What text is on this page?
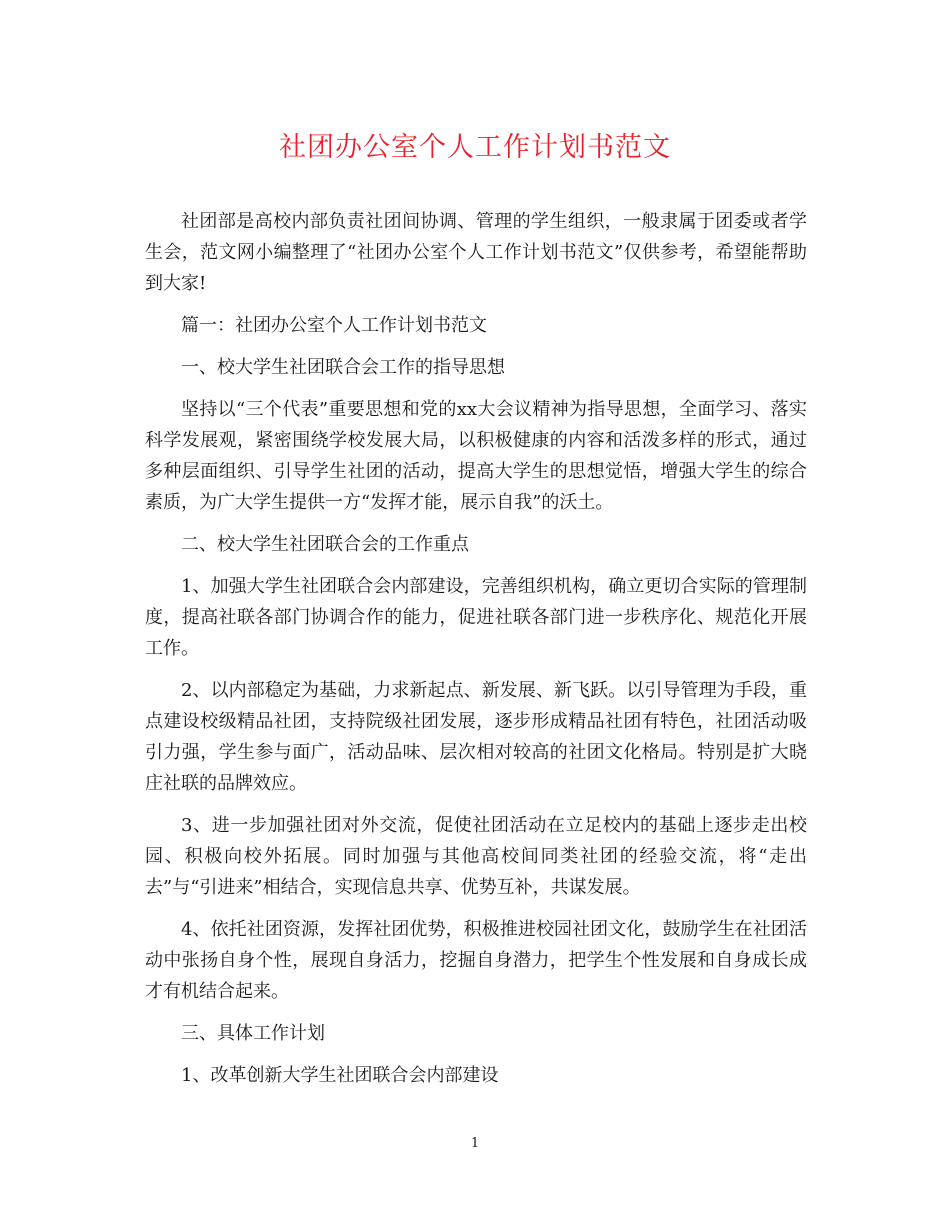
社团办公室个人工作计划书范文

社团部是高校内部负责社团间协调、管理的学生组织，一般隶属于团委或者学生会，范文网小编整理了“社团办公室个人工作计划书范文”仅供参考，希望能帮助到大家!

篇一：社团办公室个人工作计划书范文

一、校大学生社团联合会工作的指导思想

坚持以“三个代表”重要思想和党的xx大会议精神为指导思想，全面学习、落实科学发展观，紧密围绕学校发展大局，以积极健康的内容和活泼多样的形式，通过多种层面组织、引导学生社团的活动，提高大学生的思想觉悟，增强大学生的综合素质，为广大学生提供一方“发挥才能，展示自我”的沃土。

二、校大学生社团联合会的工作重点

1、加强大学生社团联合会内部建设，完善组织机构，确立更切合实际的管理制度，提高社联各部门协调合作的能力，促进社联各部门进一步秩序化、规范化开展工作。

2、以内部稳定为基础，力求新起点、新发展、新飞跃。以引导管理为手段，重点建设校级精品社团，支持院级社团发展，逐步形成精品社团有特色，社团活动吸引力强，学生参与面广，活动品味、层次相对较高的社团文化格局。特别是扩大晓庄社联的品牌效应。

3、进一步加强社团对外交流，促使社团活动在立足校内的基础上逐步走出校园、积极向校外拓展。同时加强与其他高校间同类社团的经验交流，将“走出去”与“引进来”相结合，实现信息共享、优势互补，共谋发展。

4、依托社团资源，发挥社团优势，积极推进校园社团文化，鼓励学生在社团活动中张扬自身个性，展现自身活力，挖掘自身潜力，把学生个性发展和自身成长成才有机结合起来。

三、具体工作计划

1、改革创新大学生社团联合会内部建设

1
